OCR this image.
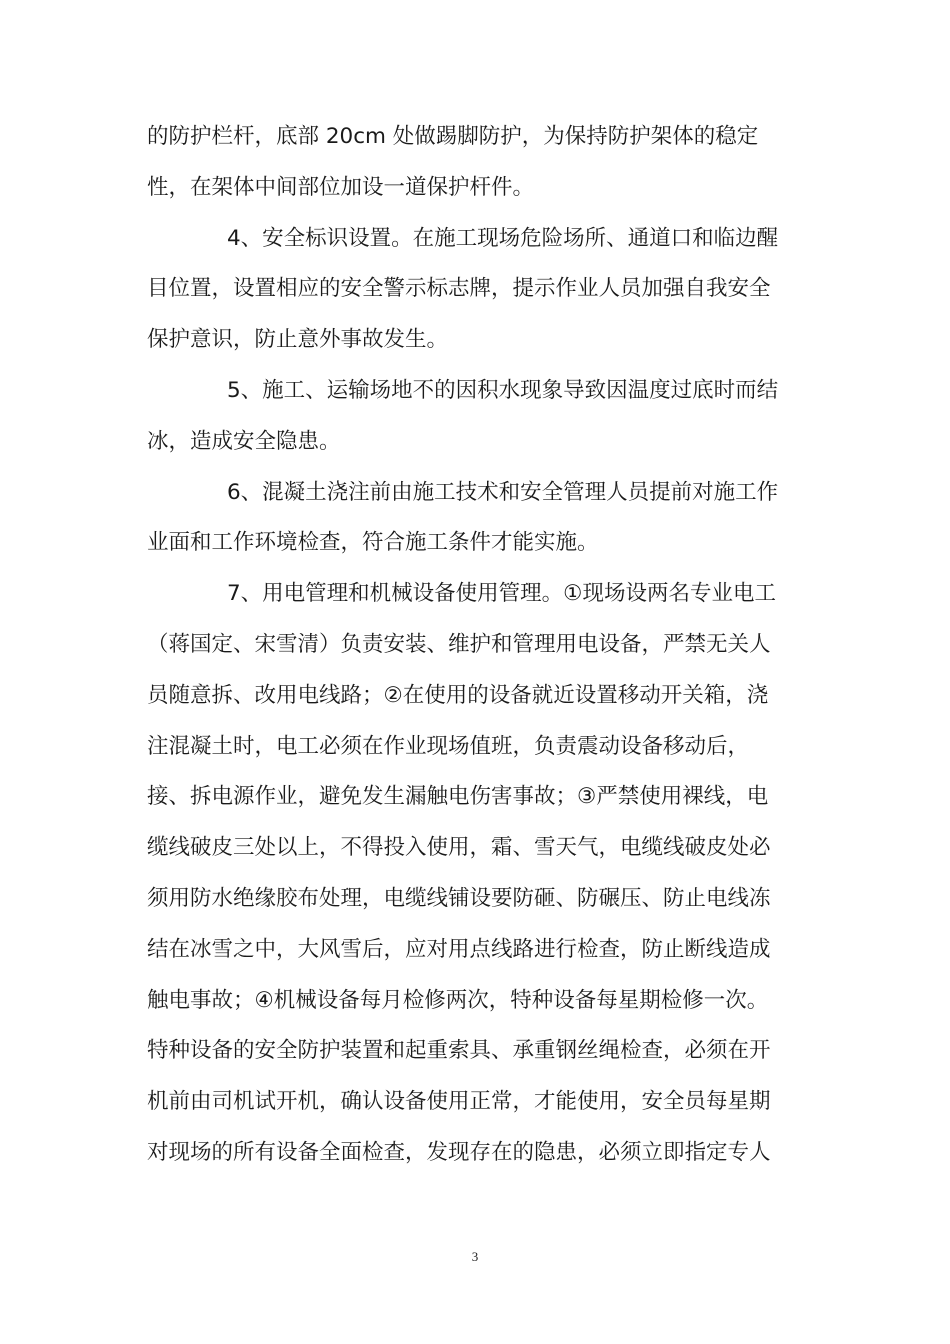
的防护栏杆，底部 20cm 处做踢脚防护，为保持防护架体的稳定
性，在架体中间部位加设一道保护杆件。
4、安全标识设置。在施工现场危险场所、通道口和临边醒
目位置，设置相应的安全警示标志牌，提示作业人员加强自我安全
保护意识，防止意外事故发生。
5、施工、运输场地不的因积水现象导致因温度过底时而结
冰，造成安全隐患。
6、混凝土浇注前由施工技术和安全管理人员提前对施工作
业面和工作环境检查，符合施工条件才能实施。
7、用电管理和机械设备使用管理。①现场设两名专业电工
（蒋国定、宋雪清）负责安装、维护和管理用电设备，严禁无关人
员随意拆、改用电线路；②在使用的设备就近设置移动开关箱，浇
注混凝土时，电工必须在作业现场值班，负责震动设备移动后，
接、拆电源作业，避免发生漏触电伤害事故；③严禁使用裸线，电
缆线破皮三处以上，不得投入使用，霜、雪天气，电缆线破皮处必
须用防水绝缘胶布处理，电缆线铺设要防砸、防碾压、防止电线冻
结在冰雪之中，大风雪后，应对用点线路进行检查，防止断线造成
触电事故；④机械设备每月检修两次，特种设备每星期检修一次。
特种设备的安全防护装置和起重索具、承重钢丝绳检查，必须在开
机前由司机试开机，确认设备使用正常，才能使用，安全员每星期
对现场的所有设备全面检查，发现存在的隐患，必须立即指定专人
3
